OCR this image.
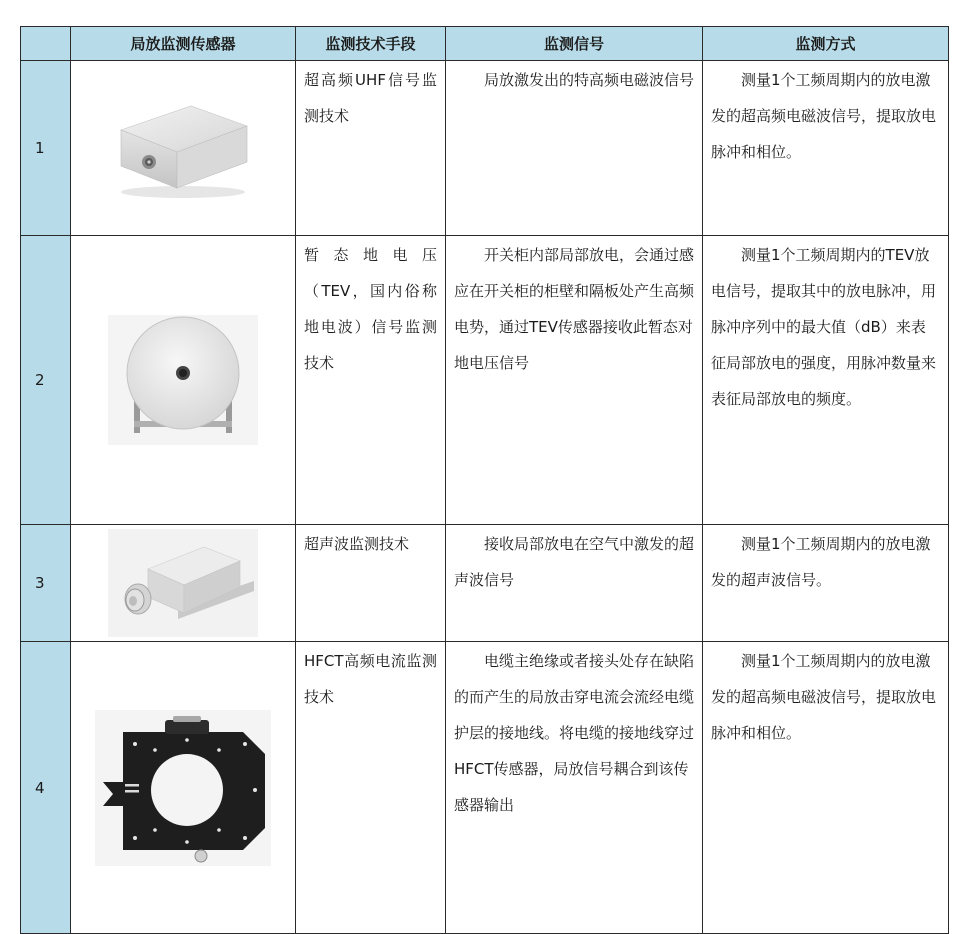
	局放监测传感器	监测技术手段	监测信号	监测方式
1		超高频UHF信号监测技术	局放激发出的特高频电磁波信号	测量1个工频周期内的放电激发的超高频电磁波信号，提取放电脉冲和相位。

2		暂态地电压（TEV，国内俗称地电波）信号监测技术	开关柜内部局部放电，会通过感应在开关柜的柜壁和隔板处产生高频电势，通过TEV传感器接收此暂态对地电压信号	测量1个工频周期内的TEV放电信号，提取其中的放电脉冲，用脉冲序列中的最大值（dB）来表征局部放电的强度，用脉冲数量来表征局部放电的频度。

3		超声波监测技术	接收局部放电在空气中激发的超声波信号	测量1个工频周期内的放电激发的超声波信号。

4		HFCT高频电流监测技术	电缆主绝缘或者接头处存在缺陷的而产生的局放击穿电流会流经电缆护层的接地线。将电缆的接地线穿过HFCT传感器，局放信号耦合到该传感器输出	测量1个工频周期内的放电激发的超高频电磁波信号，提取放电脉冲和相位。
